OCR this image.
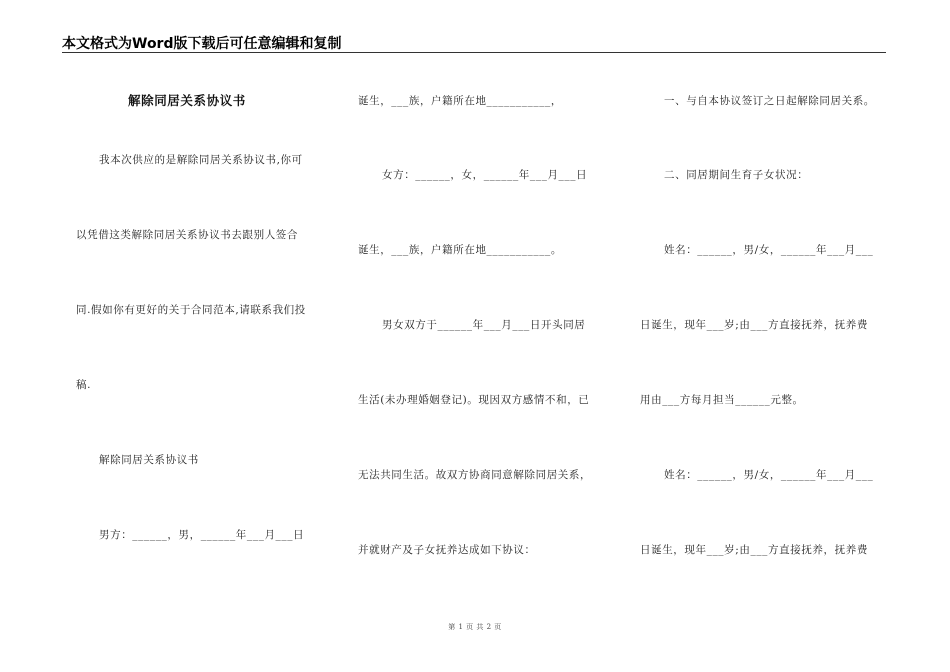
本文格式为Word版下载后可任意编辑和复制
解除同居关系协议书
我本次供应的是解除同居关系协议书,你可
以凭借这类解除同居关系协议书去跟别人签合
同.假如你有更好的关于合同范本,请联系我们投
稿.
解除同居关系协议书
男方：______，男，______年___月___日
诞生，___族，户籍所在地___________，
女方：______，女，______年___月___日
诞生，___族，户籍所在地___________。
男女双方于______年___月___日开头同居
生活(未办理婚姻登记)。现因双方感情不和，已
无法共同生活。故双方协商同意解除同居关系，
并就财产及子女抚养达成如下协议：
一、与自本协议签订之日起解除同居关系。
二、同居期间生育子女状况：
姓名：______，男/女，______年___月___
日诞生，现年___岁;由___方直接抚养，抚养费
用由___方每月担当______元整。
姓名：______，男/女，______年___月___
日诞生，现年___岁;由___方直接抚养，抚养费
第 1 页 共 2 页
